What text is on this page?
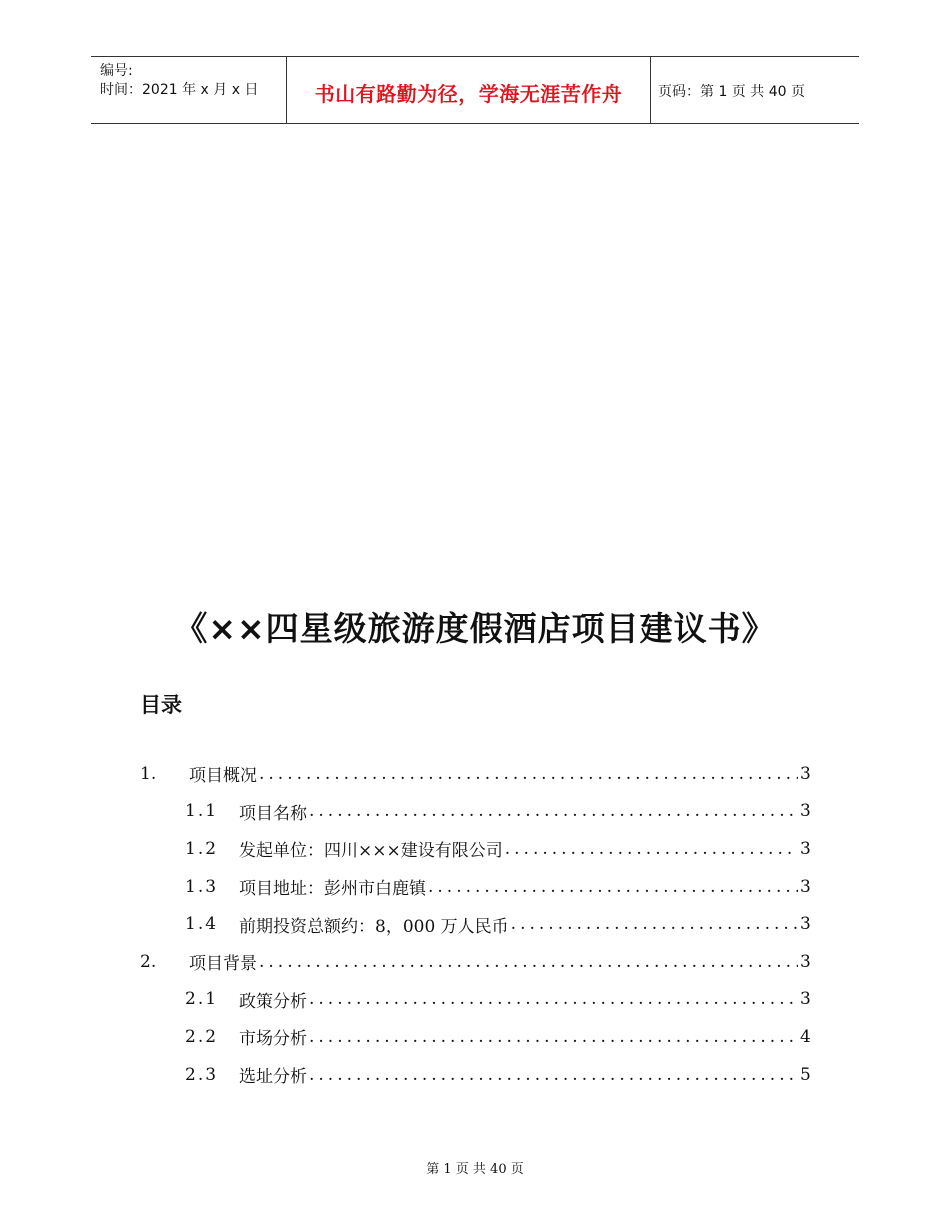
编号:
时间：2021 年 x 月 x 日	书山有路勤为径，学海无涯苦作舟	页码：第 1 页 共 40 页
《××四星级旅游度假酒店项目建议书》
目录
1.	项目概况 .....	3
1.1	项目名称 .....	3
1.2	发起单位：四川×××建设有限公司 .....	3
1.3	项目地址：彭州市白鹿镇 .....	3
1.4	前期投资总额约：8，000 万人民币 .....	3
2.	项目背景 .....	3
2.1	政策分析 .....	3
2.2	市场分析 .....	4
2.3	选址分析 .....	5
第 1 页 共 40 页
